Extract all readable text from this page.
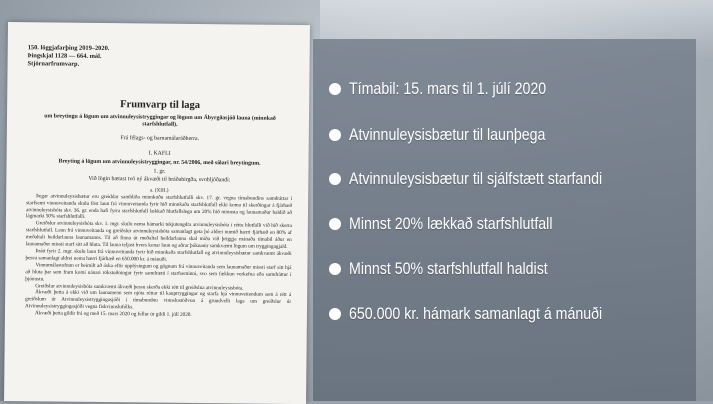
150. löggjafarþing 2019–2020.
Þingskjal 1128 — 664. mál.
Stjórnarfrumvarp.
Frumvarp til laga
um breytingu á lögum um atvinnuleysistryggingar og lögum um Ábyrgðasjóð launa (minnkað starfshlutfall).
Frá félags- og barnamálaráðherra.
I. KAFLI
Breyting á lögum um atvinnuleysistryggingar, nr. 54/2006, með síðari breytingum.
1. gr.
Við lögin bætast tvö ný ákvæði til bráðabirgða, svohljóðandi:
a. (XIII.)

Þegar atvinnuleysisbætur eru greiddar samhliða minnkuðu starfshlutfalli skv. 17. gr. vegna tímabundins samdráttar í starfsemi vinnuveitanda skulu föst laun frá vinnuveitanda fyrir hið minnkaða starfshlutfall ekki koma til skerðingar á fjárhæð atvinnuleysisbóta skv. 36. gr. enda hafi fyrra starfshlutfall lækkað hlutfallslega um 20% hið minnsta og launamaður haldið að lágmarki 50% starfshlutfalli.

Greiðslur atvinnuleysisbóta skv. 1. mgr. skulu nema hámarki tekjutengdra atvinnuleysisbóta í réttu hlutfalli við hið skerta starfshlutfall. Laun frá vinnuveitanda og greiðslur atvinnuleysisbóta samanlagt geta þó aldrei numið hærri fjárhæð en 80% af meðaltali heildarlauna launamanns. Til að finna út meðaltal heildarlauna skal miða við þriggja mánaða tímabil áður en launamaður missti starf sitt að hluta. Til launa teljast hvers konar laun og aðrar þóknanir samkvæmt lögum um tryggingagjald.

Þrátt fyrir 2. mgr. skulu laun frá vinnuveitanda fyrir hið minnkaða starfshlutfall og atvinnuleysisbætur samkvæmt ákvæði þessu samanlagt aldrei nema hærri fjárhæð en 650.000 kr. á mánuði.

Vinnumálastofnun er heimilt að óska eftir upplýsingum og gögnum frá vinnuveitanda sem launamaður missti starf sitt hjá að hluta þar sem fram komi nánari rökstuðningur fyrir samdrætti í starfseminni, svo sem fækkun verkefna eða samdráttur í þjónustu.

Greiðslur atvinnuleysisbóta samkvæmt ákvæði þessu skerða ekki rétt til greiðslna atvinnuleysisbóta.

Ákvæði þetta á ekki við um launamenn sem njóta réttar til kauptryggingar og starfa hjá vinnuveitendum sem á rétt á greiðslum úr Atvinnuleysistryggingasjóði í tímabundnu vinnslustöðvun á grundvelli laga um greiðslur úr Atvinnuleysistryggingasjóði vegna fiskvinnslufólks.

Ákvæði þetta gildir frá og með 15. mars 2020 og fellur úr gildi 1. júlí 2020.

Tímabil: 15. mars til 1. júlí 2020
Atvinnuleysisbætur til launþega
Atvinnuleysisbætur til sjálfstætt starfandi
Minnst 20% lækkað starfshlutfall
Minnst 50% starfshlutfall haldist
650.000 kr. hámark samanlagt á mánuði
